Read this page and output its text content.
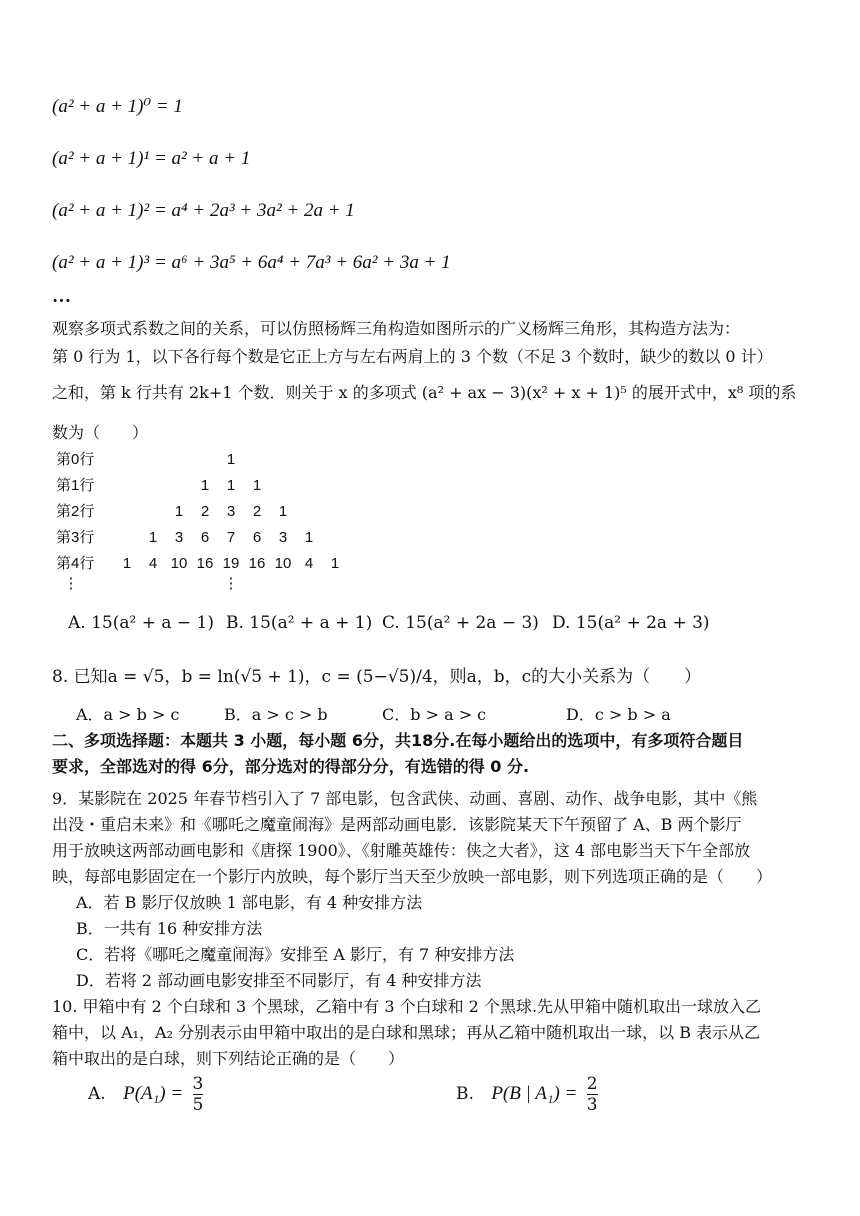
(a² + a + 1)⁰ = 1
(a² + a + 1)¹ = a² + a + 1
(a² + a + 1)² = a⁴ + 2a³ + 3a² + 2a + 1
(a² + a + 1)³ = a⁶ + 3a⁵ + 6a⁴ + 7a³ + 6a² + 3a + 1
…
观察多项式系数之间的关系，可以仿照杨辉三角构造如图所示的广义杨辉三角形，其构造方法为：
第 0 行为 1，以下各行每个数是它正上方与左右两肩上的 3 个数（不足 3 个数时，缺少的数以 0 计）
之和，第 k 行共有 2k+1 个数．则关于 x 的多项式 (a² + ax − 3)(x² + x + 1)⁵ 的展开式中，x⁸ 项的系
数为（　　）
第0行	1
第1行	1	1	1
第2行	1	2	3	2	1
第3行	1	3	6	7	6	3	1
第4行	1	4 10 16 19 16 10 4	1
⋮	⋮
A. 15(a² + a − 1) B. 15(a² + a + 1) C. 15(a² + 2a − 3) D. 15(a² + 2a + 3)
8. 已知a = √5，b = ln(√5 + 1)，c = (5−√5)/4，则a，b，c的大小关系为（　　）
A．a > b > c	B．a > c > b	C．b > a > c	D．c > b > a
二、多项选择题：本题共 3 小题，每小题 6分，共18分.在每小题给出的选项中，有多项符合题目
要求，全部选对的得 6分，部分选对的得部分分，有选错的得 0 分.
9．某影院在 2025 年春节档引入了 7 部电影，包含武侠、动画、喜剧、动作、战争电影，其中《熊
出没・重启未来》和《哪吒之魔童闹海》是两部动画电影．该影院某天下午预留了 A、B 两个影厅
用于放映这两部动画电影和《唐探 1900》、《射雕英雄传：侠之大者》，这 4 部电影当天下午全部放
映，每部电影固定在一个影厅内放映，每个影厅当天至少放映一部电影，则下列选项正确的是（　　）
A．若 B 影厅仅放映 1 部电影，有 4 种安排方法
B．一共有 16 种安排方法
C．若将《哪吒之魔童闹海》安排至 A 影厅，有 7 种安排方法
D．若将 2 部动画电影安排至不同影厅，有 4 种安排方法
10. 甲箱中有 2 个白球和 3 个黑球，乙箱中有 3 个白球和 2 个黑球.先从甲箱中随机取出一球放入乙
箱中，以 A₁，A₂ 分别表示由甲箱中取出的是白球和黑球；再从乙箱中随机取出一球，以 B 表示从乙
箱中取出的是白球，则下列结论正确的是（　　）
A. $P(A_1) = \frac{3}{5}$	B. P(B | $A_1) = \frac{2}{3}$
